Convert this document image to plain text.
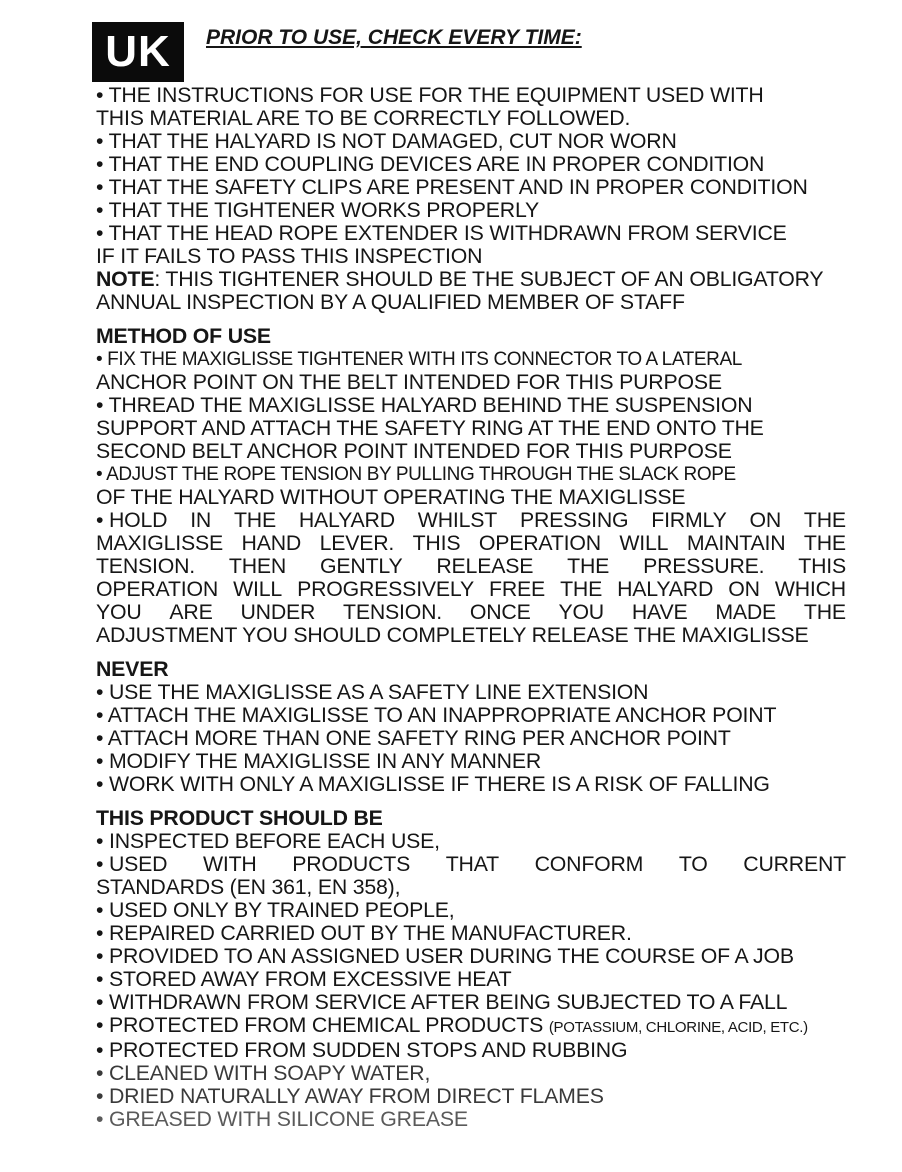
UK	PRIOR TO USE, CHECK EVERY TIME:
• THE INSTRUCTIONS FOR USE FOR THE EQUIPMENT USED WITH
THIS MATERIAL ARE TO BE CORRECTLY FOLLOWED.
• THAT THE HALYARD IS NOT DAMAGED, CUT NOR WORN
• THAT THE END COUPLING DEVICES ARE IN PROPER CONDITION
• THAT THE SAFETY CLIPS ARE PRESENT AND IN PROPER CONDITION
• THAT THE TIGHTENER WORKS PROPERLY
• THAT THE HEAD ROPE EXTENDER IS WITHDRAWN FROM SERVICE
IF IT FAILS TO PASS THIS INSPECTION
NOTE: THIS TIGHTENER SHOULD BE THE SUBJECT OF AN OBLIGATORY
ANNUAL INSPECTION BY A QUALIFIED MEMBER OF STAFF
METHOD OF USE
• FIX THE MAXIGLISSE TIGHTENER WITH ITS CONNECTOR TO A LATERAL
ANCHOR POINT ON THE BELT INTENDED FOR THIS PURPOSE
• THREAD THE MAXIGLISSE HALYARD BEHIND THE SUSPENSION
SUPPORT AND ATTACH THE SAFETY RING AT THE END ONTO THE
SECOND BELT ANCHOR POINT INTENDED FOR THIS PURPOSE
• ADJUST THE ROPE TENSION BY PULLING THROUGH THE SLACK ROPE
OF THE HALYARD WITHOUT OPERATING THE MAXIGLISSE
• HOLD IN THE HALYARD WHILST PRESSING FIRMLY ON THE
MAXIGLISSE HAND LEVER. THIS OPERATION WILL MAINTAIN THE
TENSION. THEN GENTLY RELEASE THE PRESSURE. THIS
OPERATION WILL PROGRESSIVELY FREE THE HALYARD ON WHICH
YOU ARE UNDER TENSION. ONCE YOU HAVE MADE THE
ADJUSTMENT YOU SHOULD COMPLETELY RELEASE THE MAXIGLISSE
NEVER
• USE THE MAXIGLISSE AS A SAFETY LINE EXTENSION
• ATTACH THE MAXIGLISSE TO AN INAPPROPRIATE ANCHOR POINT
• ATTACH MORE THAN ONE SAFETY RING PER ANCHOR POINT
• MODIFY THE MAXIGLISSE IN ANY MANNER
• WORK WITH ONLY A MAXIGLISSE IF THERE IS A RISK OF FALLING
THIS PRODUCT SHOULD BE
• INSPECTED BEFORE EACH USE,
• USED WITH PRODUCTS THAT CONFORM TO CURRENT
STANDARDS (EN 361, EN 358),
• USED ONLY BY TRAINED PEOPLE,
• REPAIRED CARRIED OUT BY THE MANUFACTURER.
• PROVIDED TO AN ASSIGNED USER DURING THE COURSE OF A JOB
• STORED AWAY FROM EXCESSIVE HEAT
• WITHDRAWN FROM SERVICE AFTER BEING SUBJECTED TO A FALL
• PROTECTED FROM CHEMICAL PRODUCTS (POTASSIUM, CHLORINE, ACID, ETC.)
• PROTECTED FROM SUDDEN STOPS AND RUBBING
• CLEANED WITH SOAPY WATER,
• DRIED NATURALLY AWAY FROM DIRECT FLAMES
• GREASED WITH SILICONE GREASE
